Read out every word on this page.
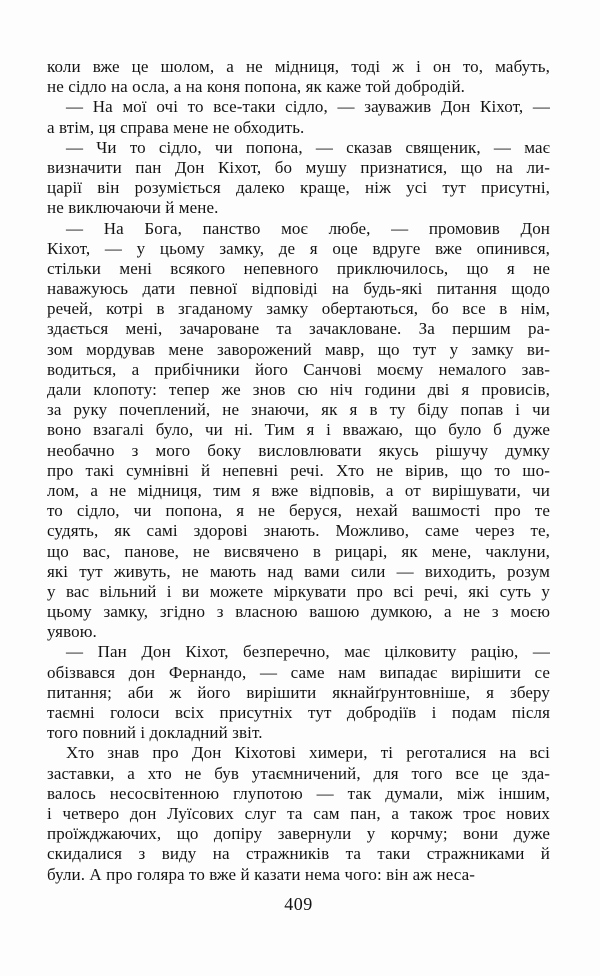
коли вже це шолом, а не мідниця, тоді ж і он то, мабуть,
не сідло на осла, а на коня попона, як каже той добродій.
— На мої очі то все-таки сідло, — зауважив Дон Кіхот, —
а втім, ця справа мене не обходить.
— Чи то сідло, чи попона, — сказав священик, — має
визначити пан Дон Кіхот, бо мушу признатися, що на ли-
царії він розуміється далеко краще, ніж усі тут присутні,
не виключаючи й мене.
— На Бога, панство моє любе, — промовив Дон
Кіхот, — у цьому замку, де я оце вдруге вже опинився,
стільки мені всякого непевного приключилось, що я не
наважуюсь дати певної відповіді на будь-які питання щодо
речей, котрі в згаданому замку обертаються, бо все в нім,
здається мені, зачароване та зачакловане. За першим ра-
зом мордував мене заворожений мавр, що тут у замку ви-
водиться, а прибічники його Санчові моєму немалого зав-
дали клопоту: тепер же знов сю ніч години дві я провисів,
за руку почеплений, не знаючи, як я в ту біду попав і чи
воно взагалі було, чи ні. Тим я і вважаю, що було б дуже
необачно з мого боку висловлювати якусь рішучу думку
про такі сумнівні й непевні речі. Хто не вірив, що то шо-
лом, а не мідниця, тим я вже відповів, а от вирішувати, чи
то сідло, чи попона, я не беруся, нехай вашмості про те
судять, як самі здорові знають. Можливо, саме через те,
що вас, панове, не висвячено в рицарі, як мене, чаклуни,
які тут живуть, не мають над вами сили — виходить, розум
у вас вільний і ви можете міркувати про всі речі, які суть у
цьому замку, згідно з власною вашою думкою, а не з моєю
уявою.
— Пан Дон Кіхот, безперечно, має цілковиту рацію, —
обізвався дон Фернандо, — саме нам випадає вирішити се
питання; аби ж його вирішити якнайґрунтовніше, я зберу
таємні голоси всіх присутніх тут добродіїв і подам після
того повний і докладний звіт.
Хто знав про Дон Кіхотові химери, ті реготалися на всі
заставки, а хто не був утаємничений, для того все це зда-
валось несосвітенною глупотою — так думали, між іншим,
і четверо дон Луїсових слуг та сам пан, а також троє нових
проїжджаючих, що допіру завернули у корчму; вони дуже
скидалися з виду на стражників та таки стражниками й
були. А про голяра то вже й казати нема чого: він аж неса-
409
